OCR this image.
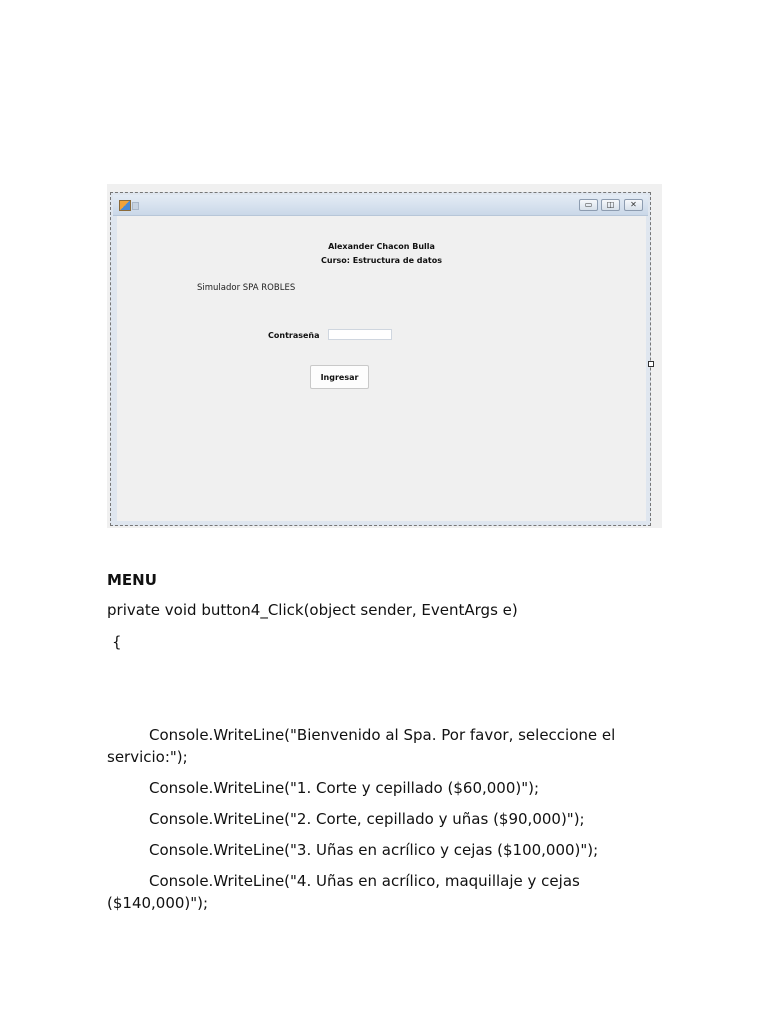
▭	◫	✕
Alexander Chacon Bulla
Curso: Estructura de datos
Simulador SPA ROBLES
Contraseña
Ingresar
MENU
private void button4_Click(object sender, EventArgs e)
{
Console.WriteLine("Bienvenido al Spa. Por favor, seleccione el servicio:");
Console.WriteLine("1. Corte y cepillado ($60,000)");
Console.WriteLine("2. Corte, cepillado y uñas ($90,000)");
Console.WriteLine("3. Uñas en acrílico y cejas ($100,000)");
Console.WriteLine("4. Uñas en acrílico, maquillaje y cejas ($140,000)");
